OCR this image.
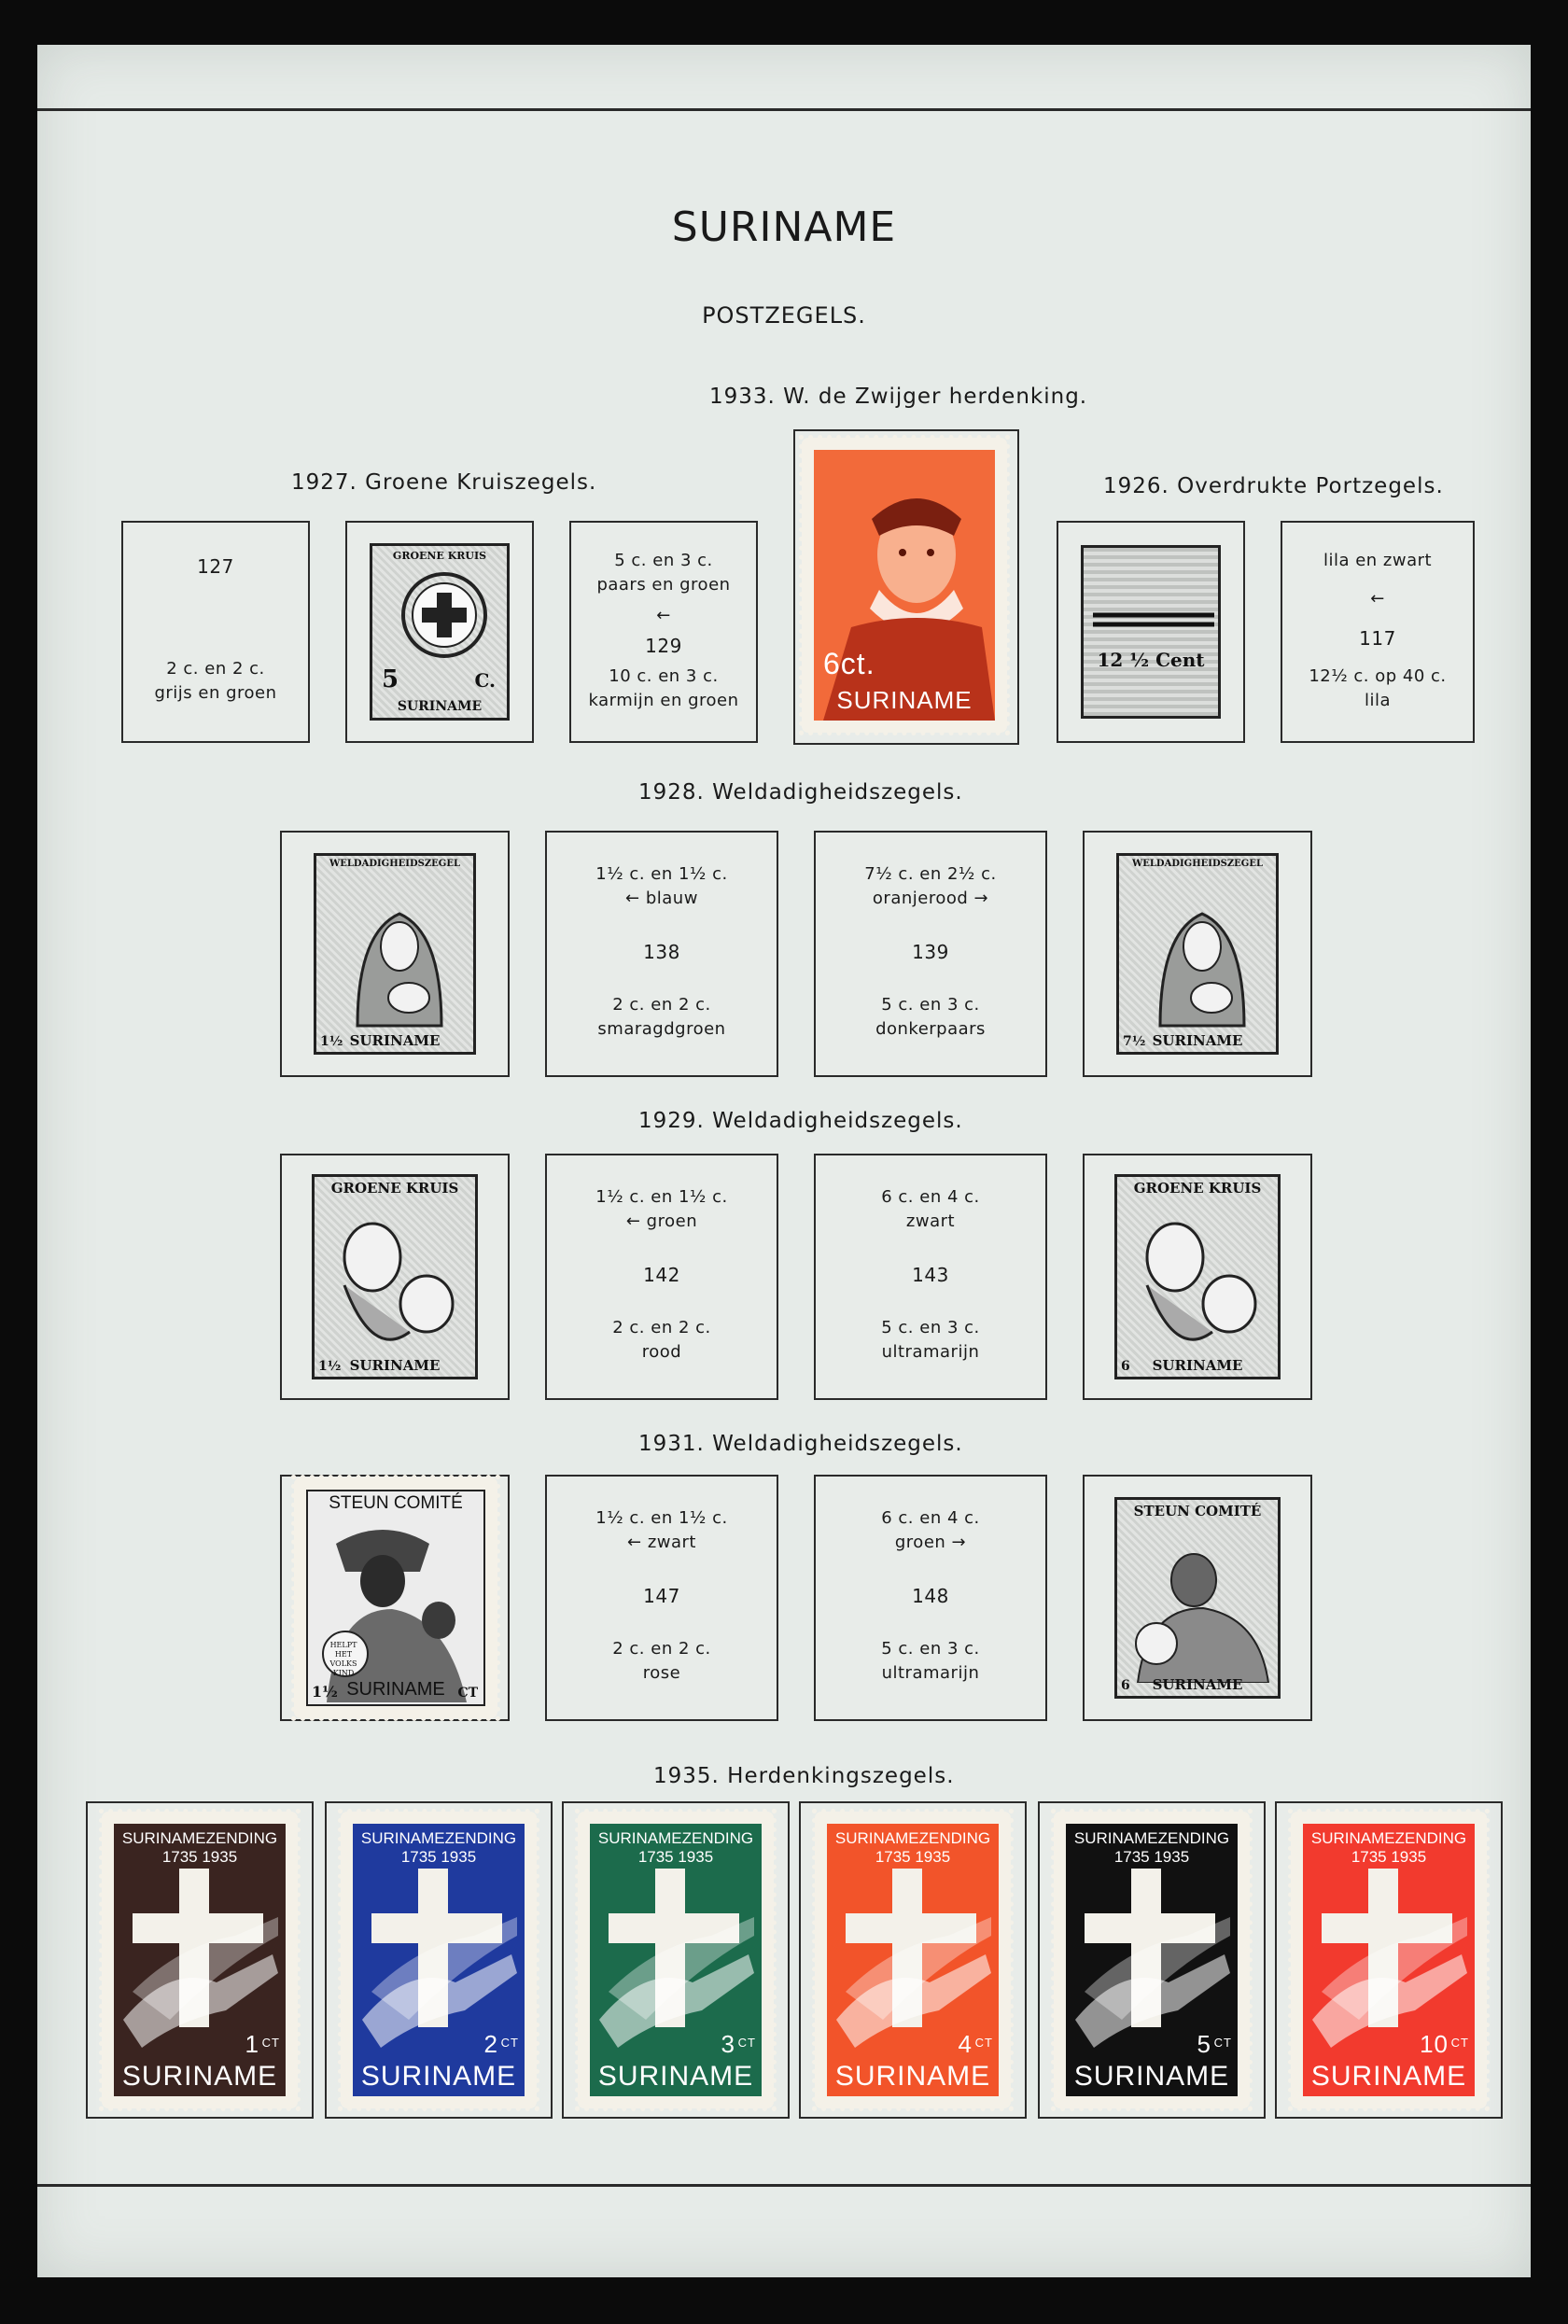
SURINAME
POSTZEGELS.
1933. W. de Zwijger herdenking.
1927. Groene Kruiszegels.	1926. Overdrukte Portzegels.
1928. Weldadigheidszegels.
1929. Weldadigheidszegels.
1931. Weldadigheidszegels.
1935. Herdenkingszegels.
127
2 c. en 2 c.
grijs en groen
GROENE KRUIS
5	C.
SURINAME
5 c. en 3 c.
paars en groen
←
129
10 c. en 3 c.
karmijn en groen
6ct.
SURINAME
12 ½ Cent
lila en zwart
←
117
12½ c. op 40 c.
lila
WELDADIGHEIDSZEGEL
1½ SURINAME
1½ c. en 1½ c.
← blauw
138
2 c. en 2 c.
smaragdgroen
7½ c. en 2½ c.
oranjerood →
139
5 c. en 3 c.
donkerpaars
WELDADIGHEIDSZEGEL
7½ SURINAME
GROENE KRUIS
1½ SURINAME
1½ c. en 1½ c.
← groen
142
2 c. en 2 c.
rood
6 c. en 4 c.
zwart
143
5 c. en 3 c.
ultramarijn
GROENE KRUIS
6	SURINAME
STEUN COMITÉ
HELPT HET VOLKS KIND
1½ SURINAME CT
1½ c. en 1½ c.
← zwart
147
2 c. en 2 c.
rose
6 c. en 4 c.
groen →
148
5 c. en 3 c.
ultramarijn
STEUN COMITÉ
6	SURINAME
SURINAMEZENDING 1735 1935
1 CT
SURINAME
SURINAMEZENDING 1735 1935
2 CT
SURINAME
SURINAMEZENDING 1735 1935
3 CT
SURINAME
SURINAMEZENDING 1735 1935
4 CT
SURINAME
SURINAMEZENDING 1735 1935
5 CT
SURINAME
SURINAMEZENDING 1735 1935
10 CT
SURINAME
